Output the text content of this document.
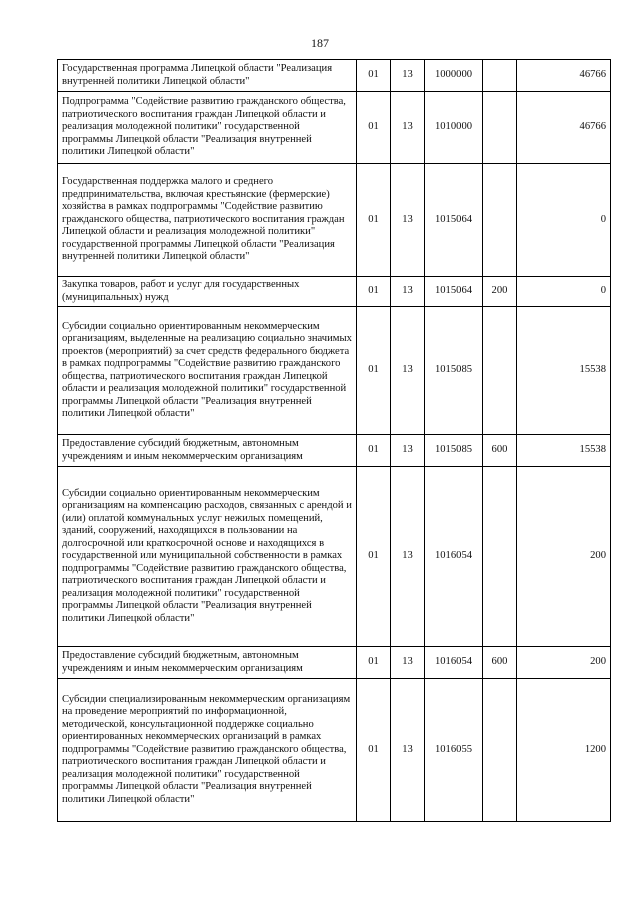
187
Государственная программа Липецкой области "Реализация внутренней политики Липецкой области"	01	13	1000000		46766
Подпрограмма "Содействие развитию гражданского общества, патриотического воспитания граждан Липецкой области и реализация молодежной политики" государственной программы Липецкой области "Реализация внутренней политики Липецкой области"	01	13	1010000		46766
Государственная поддержка малого и среднего предпринимательства, включая крестьянские (фермерские) хозяйства в рамках подпрограммы "Содействие развитию гражданского общества, патриотического воспитания граждан Липецкой области и реализация молодежной политики" государственной программы Липецкой области "Реализация внутренней политики Липецкой области"	01	13	1015064		0
Закупка товаров, работ и услуг для государственных (муниципальных) нужд	01	13	1015064	200	0
Субсидии социально ориентированным некоммерческим организациям, выделенные на реализацию социально значимых проектов (мероприятий) за счет средств федерального бюджета в рамках подпрограммы "Содействие развитию гражданского общества, патриотического воспитания граждан Липецкой области и реализация молодежной политики" государственной программы Липецкой области "Реализация внутренней политики Липецкой области"	01	13	1015085		15538
Предоставление субсидий бюджетным, автономным учреждениям и иным некоммерческим организациям	01	13	1015085	600	15538
Субсидии социально ориентированным некоммерческим организациям на компенсацию расходов, связанных с арендой и (или) оплатой коммунальных услуг нежилых помещений, зданий, сооружений, находящихся в пользовании на долгосрочной или краткосрочной основе и находящихся в государственной или муниципальной собственности в рамках подпрограммы "Содействие развитию гражданского общества, патриотического воспитания граждан Липецкой области и реализация молодежной политики" государственной программы Липецкой области "Реализация внутренней политики Липецкой области"	01	13	1016054		200
Предоставление субсидий бюджетным, автономным учреждениям и иным некоммерческим организациям	01	13	1016054	600	200
Субсидии специализированным некоммерческим организациям на проведение мероприятий по информационной, методической, консультационной поддержке социально ориентированных некоммерческих организаций в рамках подпрограммы "Содействие развитию гражданского общества, патриотического воспитания граждан Липецкой области и реализация молодежной политики" государственной программы Липецкой области "Реализация внутренней политики Липецкой области"	01	13	1016055		1200
